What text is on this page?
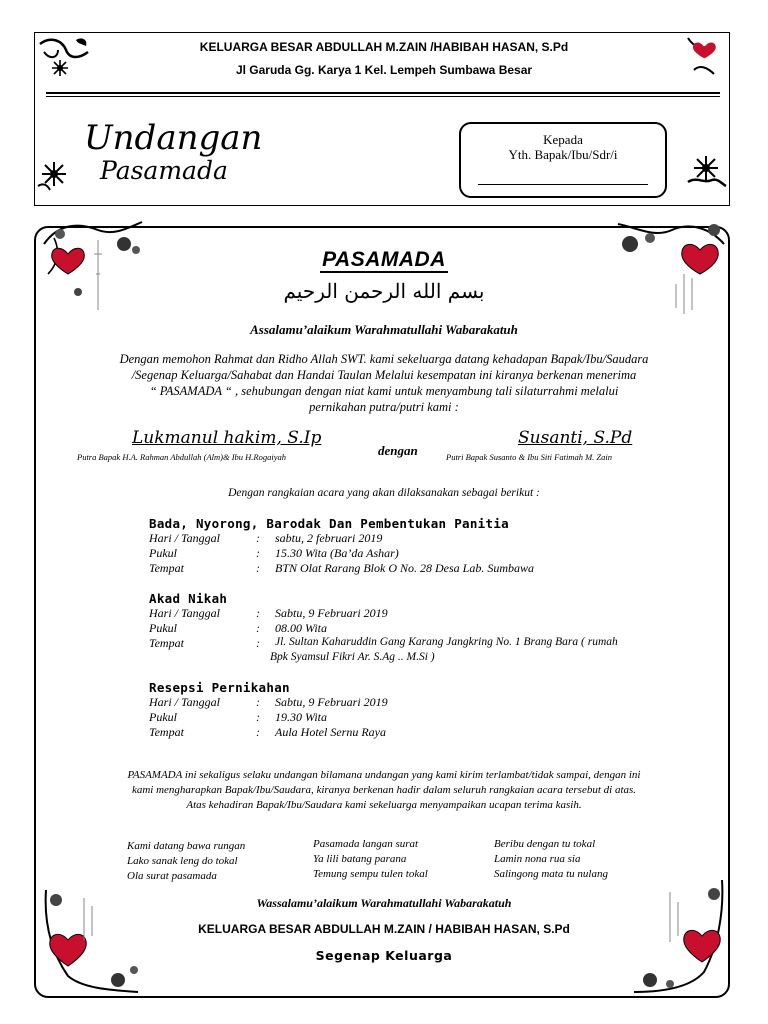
KELUARGA BESAR ABDULLAH M.ZAIN /HABIBAH HASAN, S.Pd
Jl Garuda Gg. Karya 1 Kel. Lempeh Sumbawa Besar
Undangan
Pasamada
Kepada
Yth. Bapak/Ibu/Sdr/i
PASAMADA
بسم الله الرحمن الرحيم
Assalamu’alaikum Warahmatullahi Wabarakatuh
Dengan memohon Rahmat dan Ridho Allah SWT. kami sekeluarga datang kehadapan Bapak/Ibu/Saudara
/Segenap Keluarga/Sahabat dan Handai Taulan Melalui kesempatan ini kiranya berkenan menerima
“ PASAMADA “ , sehubungan dengan niat kami untuk menyambung tali silaturrahmi melalui
pernikahan putra/putri kami :
Lukmanul hakim, S.Ip
Putra Bapak H.A. Rahman Abdullah (Alm)& Ibu H.Rogaiyah	dengan
Susanti, S.Pd
Putri Bapak Susanto & Ibu Siti Fatimah M. Zain
Dengan rangkaian acara yang akan dilaksanakan sebagai berikut :
Bada, Nyorong, Barodak Dan Pembentukan Panitia
Hari / Tanggal	: sabtu, 2 februari 2019
Pukul	: 15.30 Wita (Ba’da Ashar)
Tempat	: BTN Olat Rarang Blok O No. 28 Desa Lab. Sumbawa
Akad Nikah
Hari / Tanggal	: Sabtu, 9 Februari 2019
Pukul	: 08.00 Wita
Tempat	: Jl. Sultan Kaharuddin Gang Karang Jangkring No. 1 Brang Bara ( rumah
Bpk Syamsul Fikri Ar. S.Ag .. M.Si )
Resepsi Pernikahan
Hari / Tanggal	: Sabtu, 9 Februari 2019
Pukul	: 19.30 Wita
Tempat	: Aula Hotel Sernu Raya
PASAMADA ini sekaligus selaku undangan bilamana undangan yang kami kirim terlambat/tidak sampai, dengan ini
kami mengharapkan Bapak/Ibu/Saudara, kiranya berkenan hadir dalam seluruh rangkaian acara tersebut di atas.
Atas kehadiran Bapak/Ibu/Saudara kami sekeluarga menyampaikan ucapan terima kasih.
Kami datang bawa rungan
Lako sanak leng do tokal
Ola surat pasamada
Pasamada langan surat
Ya lili batang parana
Temung sempu tulen tokal
Beribu dengan tu tokal
Lamin nona rua sia
Salingong mata tu nulang
Wassalamu’alaikum Warahmatullahi Wabarakatuh
KELUARGA BESAR ABDULLAH M.ZAIN / HABIBAH HASAN, S.Pd
Segenap Keluarga
